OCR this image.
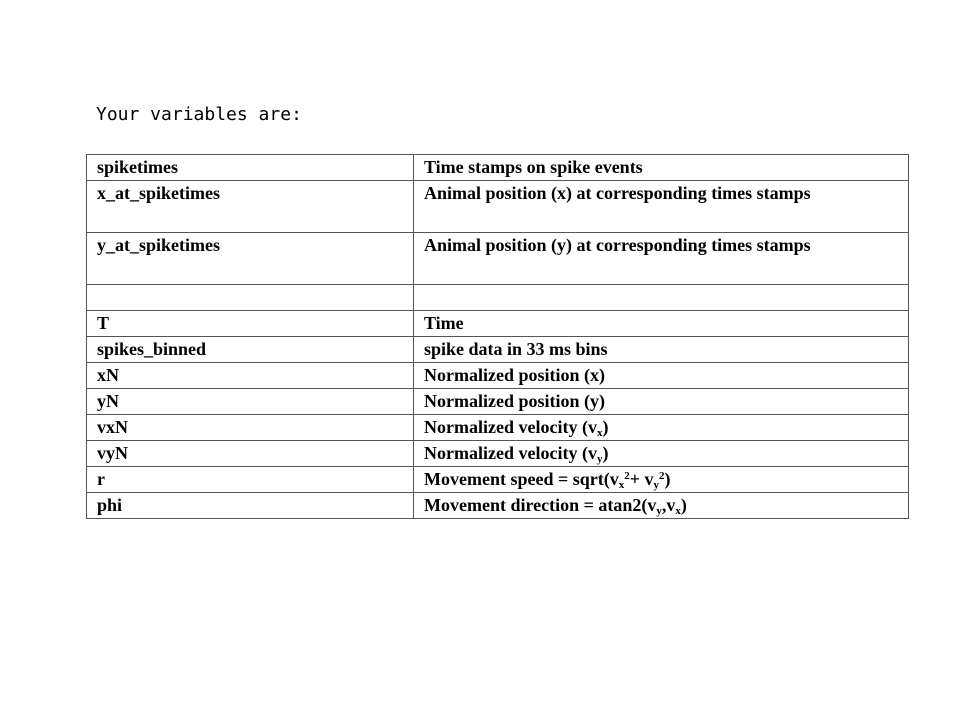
Your variables are:
spiketimes	Time stamps on spike events
x_at_spiketimes	Animal position (x) at corresponding times stamps
y_at_spiketimes	Animal position (y) at corresponding times stamps

T	Time
spikes_binned	spike data in 33 ms bins
xN	Normalized position (x)
yN	Normalized position (y)
vxN	Normalized velocity $(v_x)$
vyN	Normalized velocity $(v_y)$
r	Movement speed = $sqrt(v_x^2+ v_y^2)$
phi	Movement direction = $atan2(v_y,v_x)$
